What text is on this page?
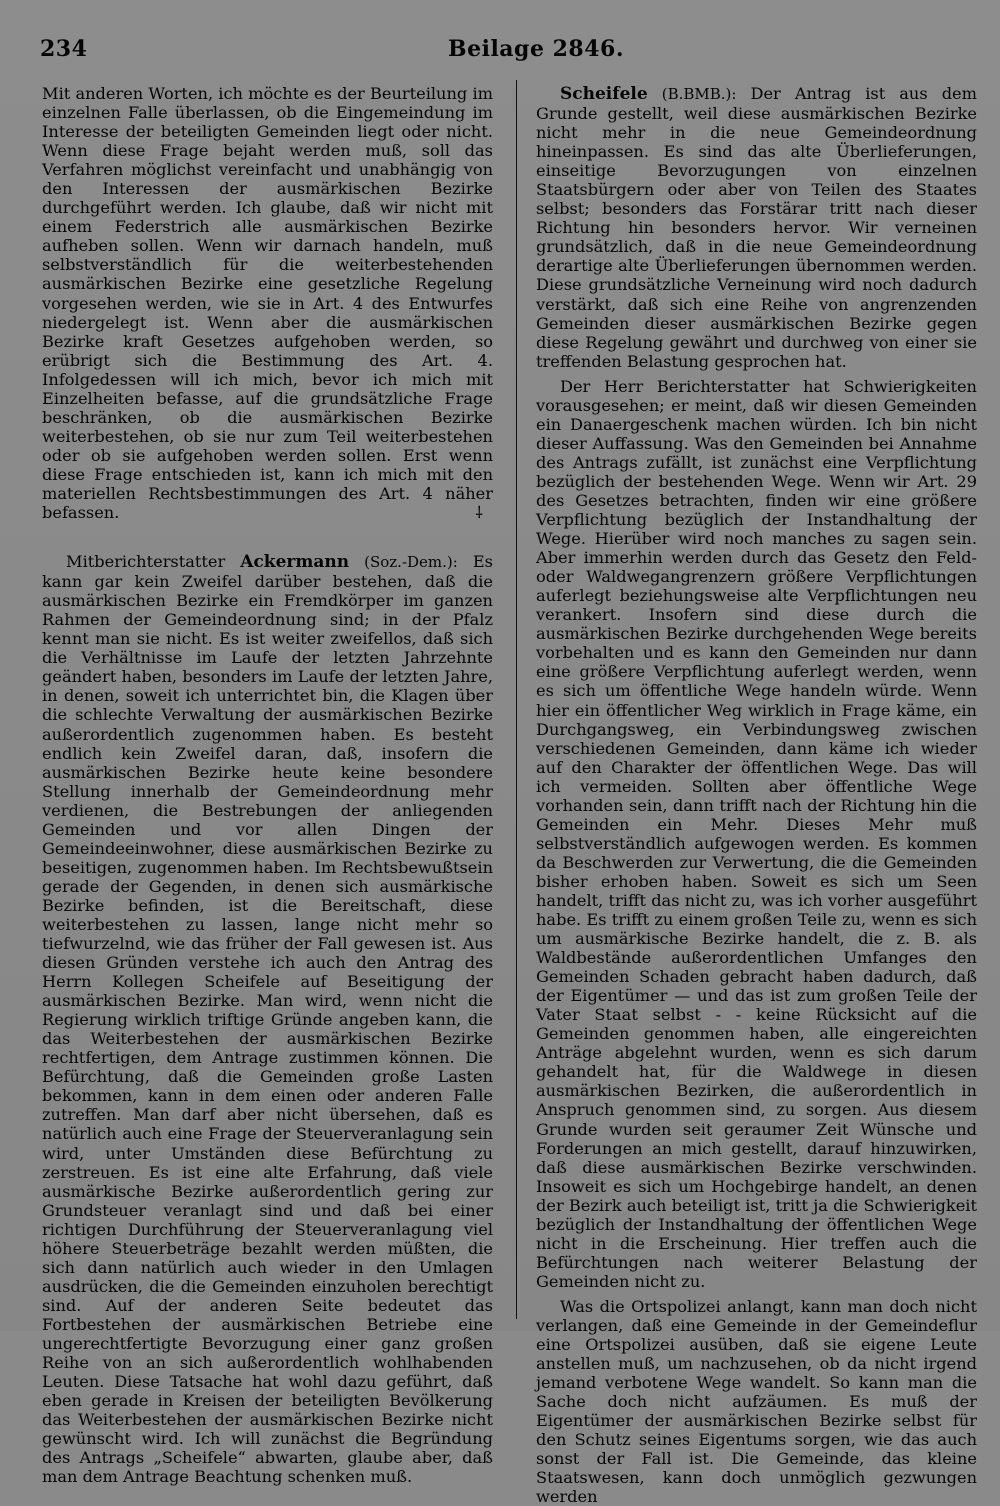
234	Beilage 2846.

Mit anderen Worten, ich möchte es der Beurteilung im einzelnen Falle überlassen, ob die Eingemeindung im Interesse der beteiligten Gemeinden liegt oder nicht. Wenn diese Frage bejaht werden muß, soll das Verfahren möglichst vereinfacht und unabhängig von den Interessen der ausmärkischen Bezirke durchgeführt werden. Ich glaube, daß wir nicht mit einem Federstrich alle ausmärkischen Bezirke aufheben sollen. Wenn wir darnach handeln, muß selbstverständlich für die weiterbestehenden ausmärkischen Bezirke eine gesetzliche Regelung vorgesehen werden, wie sie in Art. 4 des Entwurfes niedergelegt ist. Wenn aber die ausmärkischen Bezirke kraft Gesetzes aufgehoben werden, so erübrigt sich die Bestimmung des Art. 4. Infolgedessen will ich mich, bevor ich mich mit Einzelheiten befasse, auf die grundsätzliche Frage beschränken, ob die ausmärkischen Bezirke weiterbestehen, ob sie nur zum Teil weiterbestehen oder ob sie aufgehoben werden sollen. Erst wenn diese Frage entschieden ist, kann ich mich mit den materiellen Rechtsbestimmungen des Art. 4 näher befassen.	⸸

Mitberichterstatter Ackermann (Soz.-Dem.): Es kann gar kein Zweifel darüber bestehen, daß die ausmärkischen Bezirke ein Fremdkörper im ganzen Rahmen der Gemeindeordnung sind; in der Pfalz kennt man sie nicht. Es ist weiter zweifellos, daß sich die Verhältnisse im Laufe der letzten Jahrzehnte geändert haben, besonders im Laufe der letzten Jahre, in denen, soweit ich unterrichtet bin, die Klagen über die schlechte Verwaltung der ausmärkischen Bezirke außerordentlich zugenommen haben. Es besteht endlich kein Zweifel daran, daß, insofern die ausmärkischen Bezirke heute keine besondere Stellung innerhalb der Gemeindeordnung mehr verdienen, die Bestrebungen der anliegenden Gemeinden und vor allen Dingen der Gemeindeeinwohner, diese ausmärkischen Bezirke zu beseitigen, zugenommen haben. Im Rechtsbewußtsein gerade der Gegenden, in denen sich ausmärkische Bezirke befinden, ist die Bereitschaft, diese weiterbestehen zu lassen, lange nicht mehr so tiefwurzelnd, wie das früher der Fall gewesen ist. Aus diesen Gründen verstehe ich auch den Antrag des Herrn Kollegen Scheifele auf Beseitigung der ausmärkischen Bezirke. Man wird, wenn nicht die Regierung wirklich triftige Gründe angeben kann, die das Weiterbestehen der ausmärkischen Bezirke rechtfertigen, dem Antrage zustimmen können. Die Befürchtung, daß die Gemeinden große Lasten bekommen, kann in dem einen oder anderen Falle zutreffen. Man darf aber nicht übersehen, daß es natürlich auch eine Frage der Steuerveranlagung sein wird, unter Umständen diese Befürchtung zu zerstreuen. Es ist eine alte Erfahrung, daß viele ausmärkische Bezirke außerordentlich gering zur Grundsteuer veranlagt sind und daß bei einer richtigen Durchführung der Steuerveranlagung viel höhere Steuerbeträge bezahlt werden müßten, die sich dann natürlich auch wieder in den Umlagen ausdrücken, die die Gemeinden einzuholen berechtigt sind. Auf der anderen Seite bedeutet das Fortbestehen der ausmärkischen Betriebe eine ungerechtfertigte Bevorzugung einer ganz großen Reihe von an sich außerordentlich wohlhabenden Leuten. Diese Tatsache hat wohl dazu geführt, daß eben gerade in Kreisen der beteiligten Bevölkerung das Weiterbestehen der ausmärkischen Bezirke nicht gewünscht wird. Ich will zunächst die Begründung des Antrags „Scheifele“ abwarten, glaube aber, daß man dem Antrage Beachtung schenken muß.

Scheifele (B.BMB.): Der Antrag ist aus dem Grunde gestellt, weil diese ausmärkischen Bezirke nicht mehr in die neue Gemeindeordnung hineinpassen. Es sind das alte Überlieferungen, einseitige Bevorzugungen von einzelnen Staatsbürgern oder aber von Teilen des Staates selbst; besonders das Forstärar tritt nach dieser Richtung hin besonders hervor. Wir verneinen grundsätzlich, daß in die neue Gemeindeordnung derartige alte Überlieferungen übernommen werden. Diese grundsätzliche Verneinung wird noch dadurch verstärkt, daß sich eine Reihe von angrenzenden Gemeinden dieser ausmärkischen Bezirke gegen diese Regelung gewährt und durchweg von einer sie treffenden Belastung gesprochen hat.

Der Herr Berichterstatter hat Schwierigkeiten vorausgesehen; er meint, daß wir diesen Gemeinden ein Danaergeschenk machen würden. Ich bin nicht dieser Auffassung. Was den Gemeinden bei Annahme des Antrags zufällt, ist zunächst eine Verpflichtung bezüglich der bestehenden Wege. Wenn wir Art. 29 des Gesetzes betrachten, finden wir eine größere Verpflichtung bezüglich der Instandhaltung der Wege. Hierüber wird noch manches zu sagen sein. Aber immerhin werden durch das Gesetz den Feld- oder Waldwegangrenzern größere Verpflichtungen auferlegt beziehungsweise alte Verpflichtungen neu verankert. Insofern sind diese durch die ausmärkischen Bezirke durchgehenden Wege bereits vorbehalten und es kann den Gemeinden nur dann eine größere Verpflichtung auferlegt werden, wenn es sich um öffentliche Wege handeln würde. Wenn hier ein öffentlicher Weg wirklich in Frage käme, ein Durchgangsweg, ein Verbindungsweg zwischen verschiedenen Gemeinden, dann käme ich wieder auf den Charakter der öffentlichen Wege. Das will ich vermeiden. Sollten aber öffentliche Wege vorhanden sein, dann trifft nach der Richtung hin die Gemeinden ein Mehr. Dieses Mehr muß selbstverständlich aufgewogen werden. Es kommen da Beschwerden zur Verwertung, die die Gemeinden bisher erhoben haben. Soweit es sich um Seen handelt, trifft das nicht zu, was ich vorher ausgeführt habe. Es trifft zu einem großen Teile zu, wenn es sich um ausmärkische Bezirke handelt, die z. B. als Waldbestände außerordentlichen Umfanges den Gemeinden Schaden gebracht haben dadurch, daß der Eigentümer — und das ist zum großen Teile der Vater Staat selbst - - keine Rücksicht auf die Gemeinden genommen haben, alle eingereichten Anträge abgelehnt wurden, wenn es sich darum gehandelt hat, für die Waldwege in diesen ausmärkischen Bezirken, die außerordentlich in Anspruch genommen sind, zu sorgen. Aus diesem Grunde wurden seit geraumer Zeit Wünsche und Forderungen an mich gestellt, darauf hinzuwirken, daß diese ausmärkischen Bezirke verschwinden. Insoweit es sich um Hochgebirge handelt, an denen der Bezirk auch beteiligt ist, tritt ja die Schwierigkeit bezüglich der Instandhaltung der öffentlichen Wege nicht in die Erscheinung. Hier treffen auch die Befürchtungen nach weiterer Belastung der Gemeinden nicht zu.

Was die Ortspolizei anlangt, kann man doch nicht verlangen, daß eine Gemeinde in der Gemeindeflur eine Ortspolizei ausüben, daß sie eigene Leute anstellen muß, um nachzusehen, ob da nicht irgend jemand verbotene Wege wandelt. So kann man die Sache doch nicht aufzäumen. Es muß der Eigentümer der ausmärkischen Bezirke selbst für den Schutz seines Eigentums sorgen, wie das auch sonst der Fall ist. Die Gemeinde, das kleine Staatswesen, kann doch unmöglich gezwungen werden
